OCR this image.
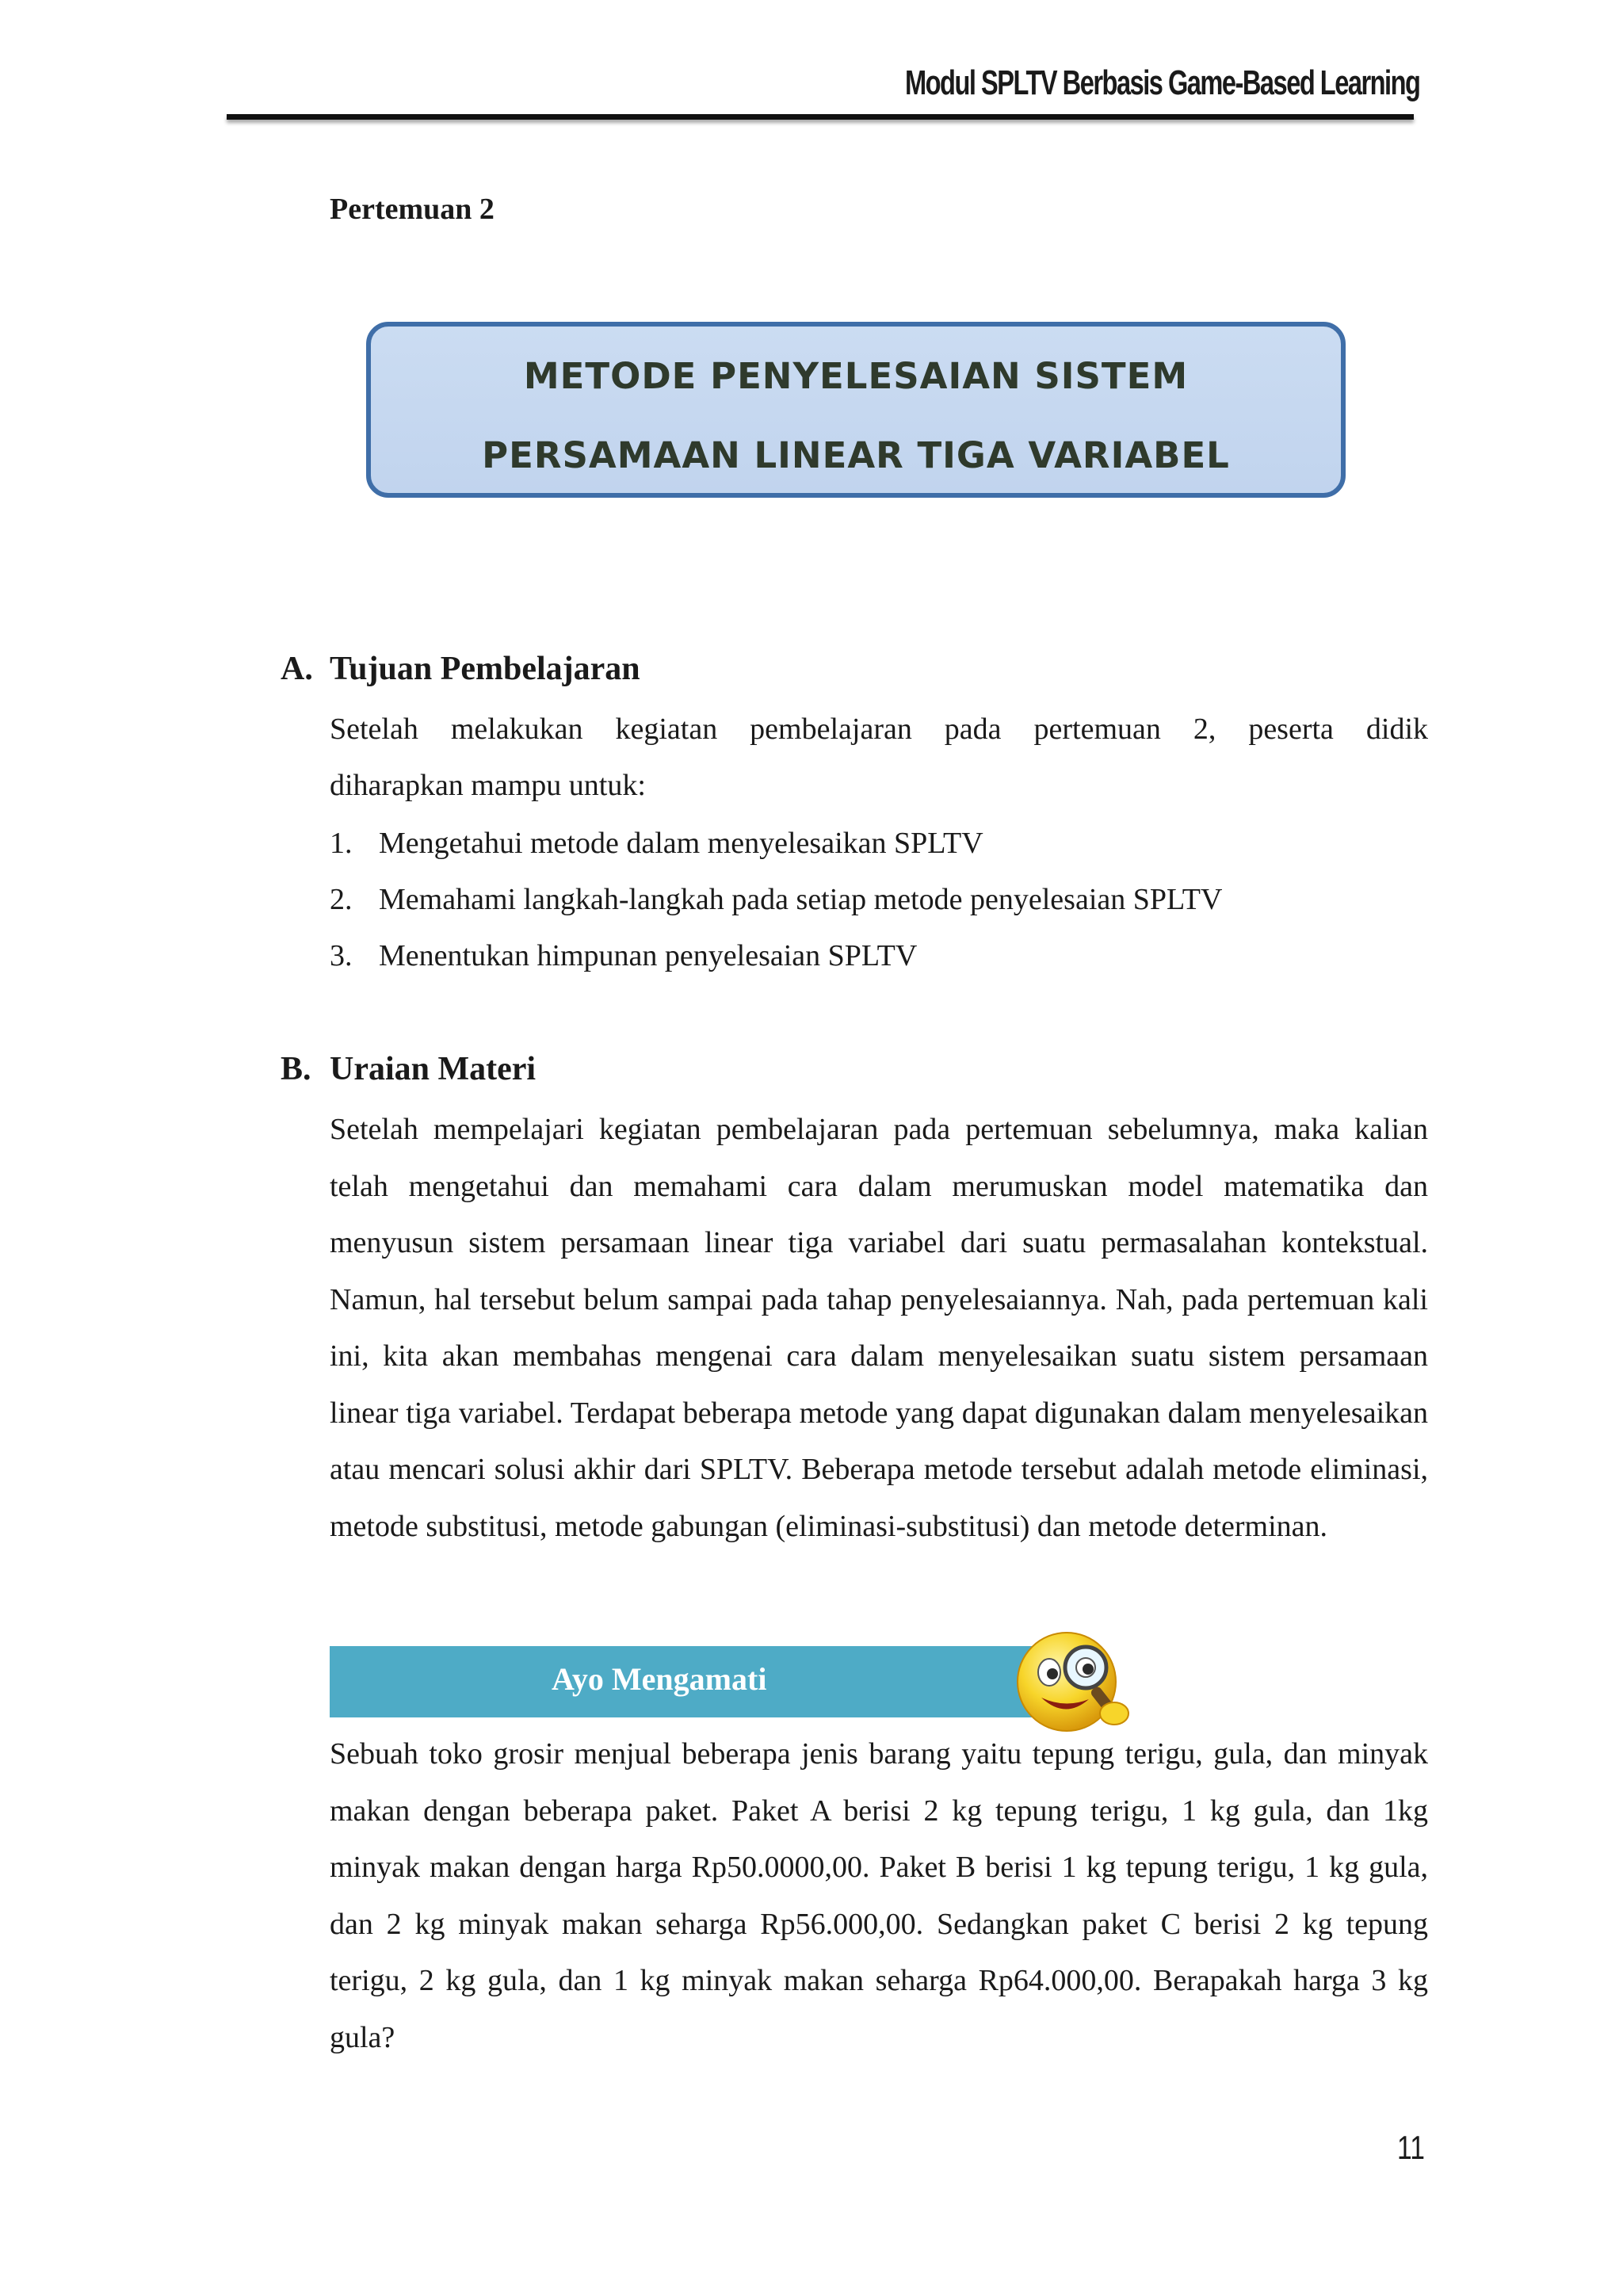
Modul SPLTV Berbasis Game-Based Learning
Pertemuan 2
METODE PENYELESAIAN SISTEM
PERSAMAAN LINEAR TIGA VARIABEL
A. Tujuan Pembelajaran
Setelah melakukan kegiatan pembelajaran pada pertemuan 2, peserta didik
diharapkan mampu untuk:
1. Mengetahui metode dalam menyelesaikan SPLTV
2. Memahami langkah-langkah pada setiap metode penyelesaian SPLTV
3. Menentukan himpunan penyelesaian SPLTV
B. Uraian Materi
Setelah mempelajari kegiatan pembelajaran pada pertemuan sebelumnya, maka kalian telah mengetahui dan memahami cara dalam merumuskan model matematika dan menyusun sistem persamaan linear tiga variabel dari suatu permasalahan kontekstual. Namun, hal tersebut belum sampai pada tahap penyelesaiannya. Nah, pada pertemuan kali ini, kita akan membahas mengenai cara dalam menyelesaikan suatu sistem persamaan linear tiga variabel. Terdapat beberapa metode yang dapat digunakan dalam menyelesaikan atau mencari solusi akhir dari SPLTV. Beberapa metode tersebut adalah metode eliminasi, metode substitusi, metode gabungan (eliminasi-substitusi) dan metode determinan.
Ayo Mengamati
Sebuah toko grosir menjual beberapa jenis barang yaitu tepung terigu, gula, dan minyak makan dengan beberapa paket. Paket A berisi 2 kg tepung terigu, 1 kg gula, dan 1kg minyak makan dengan harga Rp50.0000,00. Paket B berisi 1 kg tepung terigu, 1 kg gula, dan 2 kg minyak makan seharga Rp56.000,00. Sedangkan paket C berisi 2 kg tepung terigu, 2 kg gula, dan 1 kg minyak makan seharga Rp64.000,00. Berapakah harga 3 kg gula?
11
